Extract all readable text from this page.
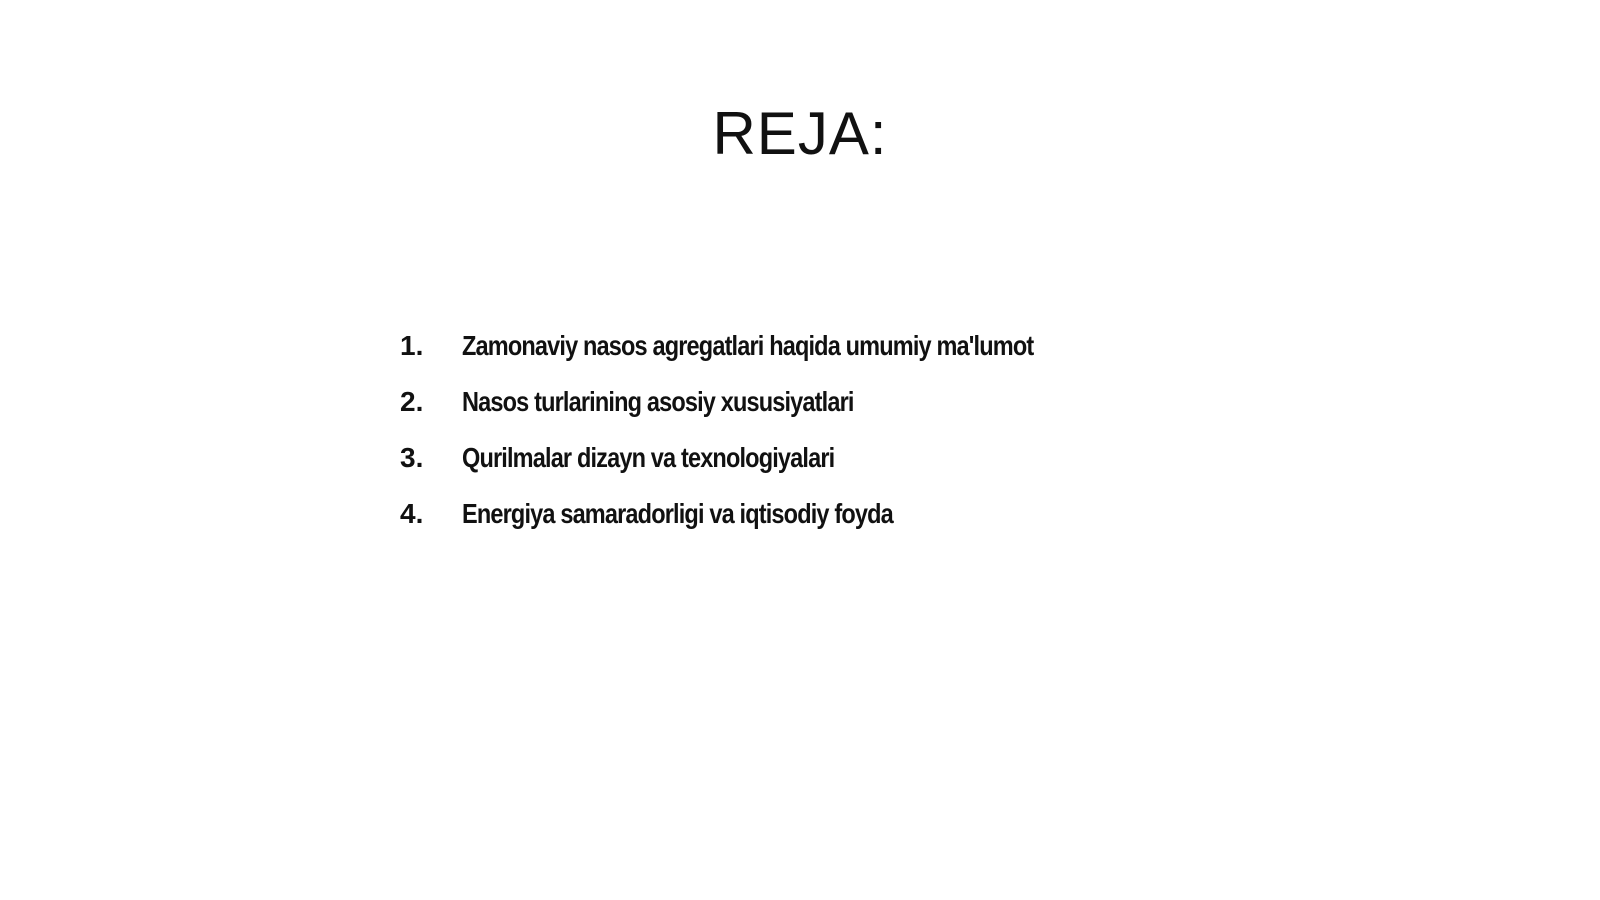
REJA:
1.	Zamonaviy nasos agregatlari haqida umumiy ma'lumot
2.	Nasos turlarining asosiy xususiyatlari
3.	Qurilmalar dizayn va texnologiyalari
4.	Energiya samaradorligi va iqtisodiy foyda
